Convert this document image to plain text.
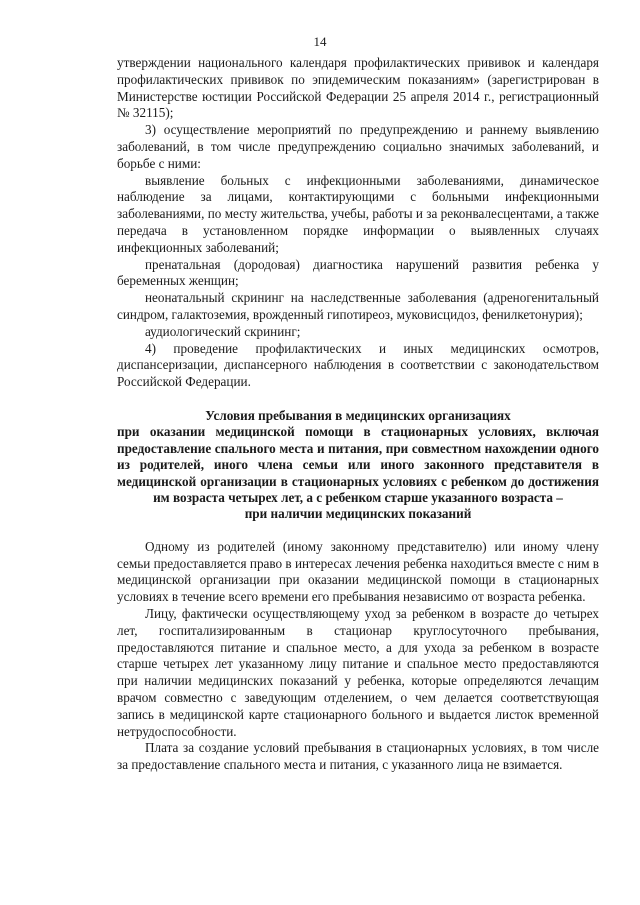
14

утверждении национального календаря профилактических прививок и календаря профилактических прививок по эпидемическим показаниям» (зарегистрирован в Министерстве юстиции Российской Федерации 25 апреля 2014 г., регистрационный № 32115);

3) осуществление мероприятий по предупреждению и раннему выявлению заболеваний, в том числе предупреждению социально значимых заболеваний, и борьбе с ними:

выявление больных с инфекционными заболеваниями, динамическое наблюдение за лицами, контактирующими с больными инфекционными заболеваниями, по месту жительства, учебы, работы и за реконвалесцентами, а также передача в установленном порядке информации о выявленных случаях инфекционных заболеваний;

пренатальная (дородовая) диагностика нарушений развития ребенка у беременных женщин;

неонатальный скрининг на наследственные заболевания (адреногенитальный синдром, галактоземия, врожденный гипотиреоз, муковисцидоз, фенилкетонурия);

аудиологический скрининг;

4) проведение профилактических и иных медицинских осмотров, диспансеризации, диспансерного наблюдения в соответствии с законодательством Российской Федерации.

Условия пребывания в медицинских организациях
при оказании медицинской помощи в стационарных условиях, включая предоставление спального места и питания, при совместном нахождении одного из родителей, иного члена семьи или иного законного представителя в медицинской организации в стационарных условиях с ребенком до достижения им возраста четырех лет, а с ребенком старше указанного возраста –
при наличии медицинских показаний

Одному из родителей (иному законному представителю) или иному члену семьи предоставляется право в интересах лечения ребенка находиться вместе с ним в медицинской организации при оказании медицинской помощи в стационарных условиях в течение всего времени его пребывания независимо от возраста ребенка.

Лицу, фактически осуществляющему уход за ребенком в возрасте до четырех лет, госпитализированным в стационар круглосуточного пребывания, предоставляются питание и спальное место, а для ухода за ребенком в возрасте старше четырех лет указанному лицу питание и спальное место предоставляются при наличии медицинских показаний у ребенка, которые определяются лечащим врачом совместно с заведующим отделением, о чем делается соответствующая запись в медицинской карте стационарного больного и выдается листок временной нетрудоспособности.

Плата за создание условий пребывания в стационарных условиях, в том числе за предоставление спального места и питания, с указанного лица не взимается.
